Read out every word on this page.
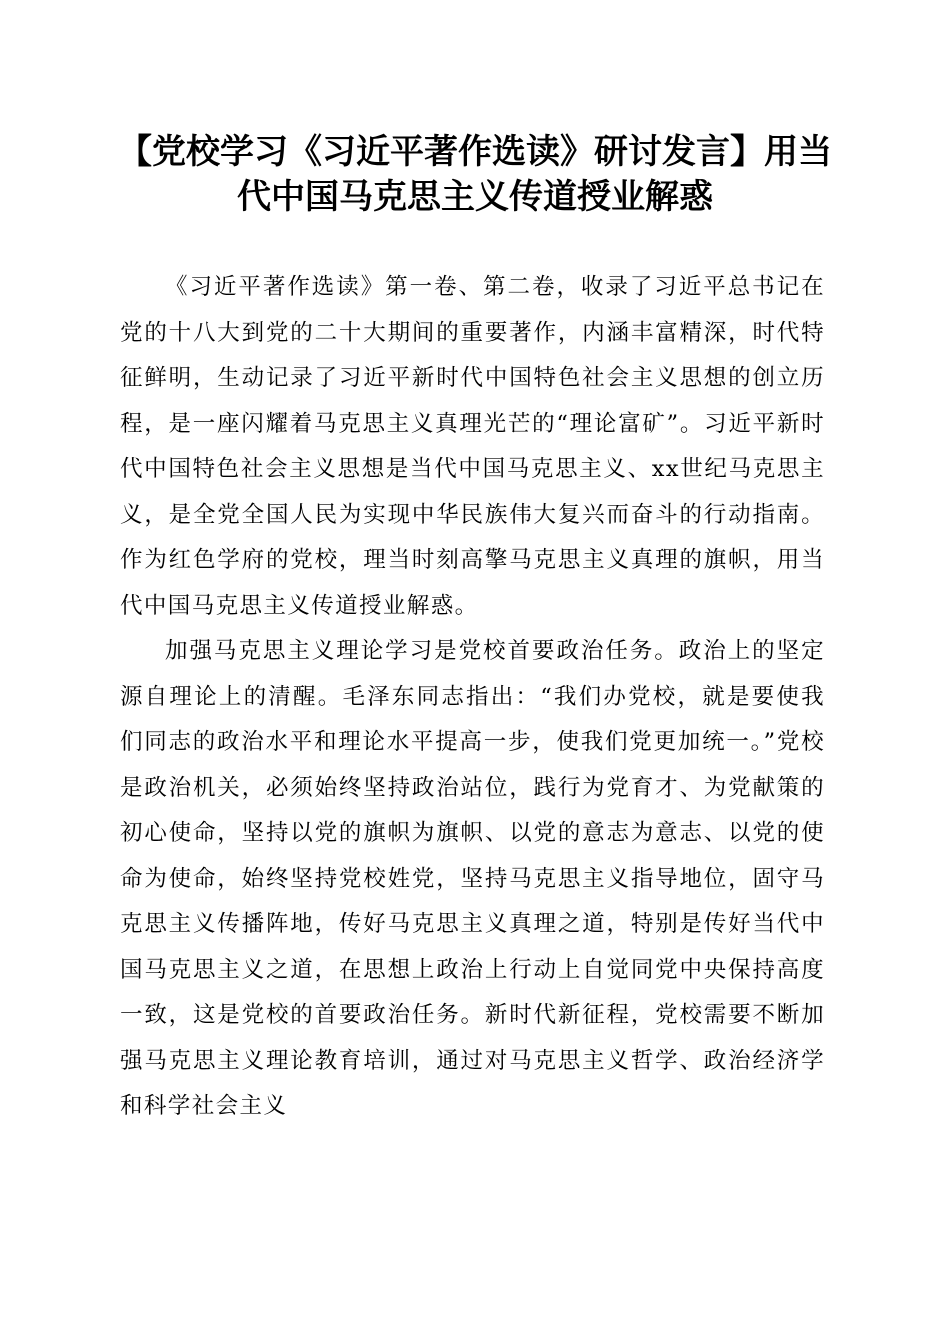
【党校学习《习近平著作选读》研讨发言】用当代中国马克思主义传道授业解惑

《习近平著作选读》第一卷、第二卷，收录了习近平总书记在党的十八大到党的二十大期间的重要著作，内涵丰富精深，时代特征鲜明，生动记录了习近平新时代中国特色社会主义思想的创立历程，是一座闪耀着马克思主义真理光芒的“理论富矿”。习近平新时代中国特色社会主义思想是当代中国马克思主义、xx世纪马克思主义，是全党全国人民为实现中华民族伟大复兴而奋斗的行动指南。作为红色学府的党校，理当时刻高擎马克思主义真理的旗帜，用当代中国马克思主义传道授业解惑。

加强马克思主义理论学习是党校首要政治任务。政治上的坚定源自理论上的清醒。毛泽东同志指出：“我们办党校，就是要使我们同志的政治水平和理论水平提高一步，使我们党更加统一。”党校是政治机关，必须始终坚持政治站位，践行为党育才、为党献策的初心使命，坚持以党的旗帜为旗帜、以党的意志为意志、以党的使命为使命，始终坚持党校姓党，坚持马克思主义指导地位，固守马克思主义传播阵地，传好马克思主义真理之道，特别是传好当代中国马克思主义之道，在思想上政治上行动上自觉同党中央保持高度一致，这是党校的首要政治任务。新时代新征程，党校需要不断加强马克思主义理论教育培训，通过对马克思主义哲学、政治经济学和科学社会主义
